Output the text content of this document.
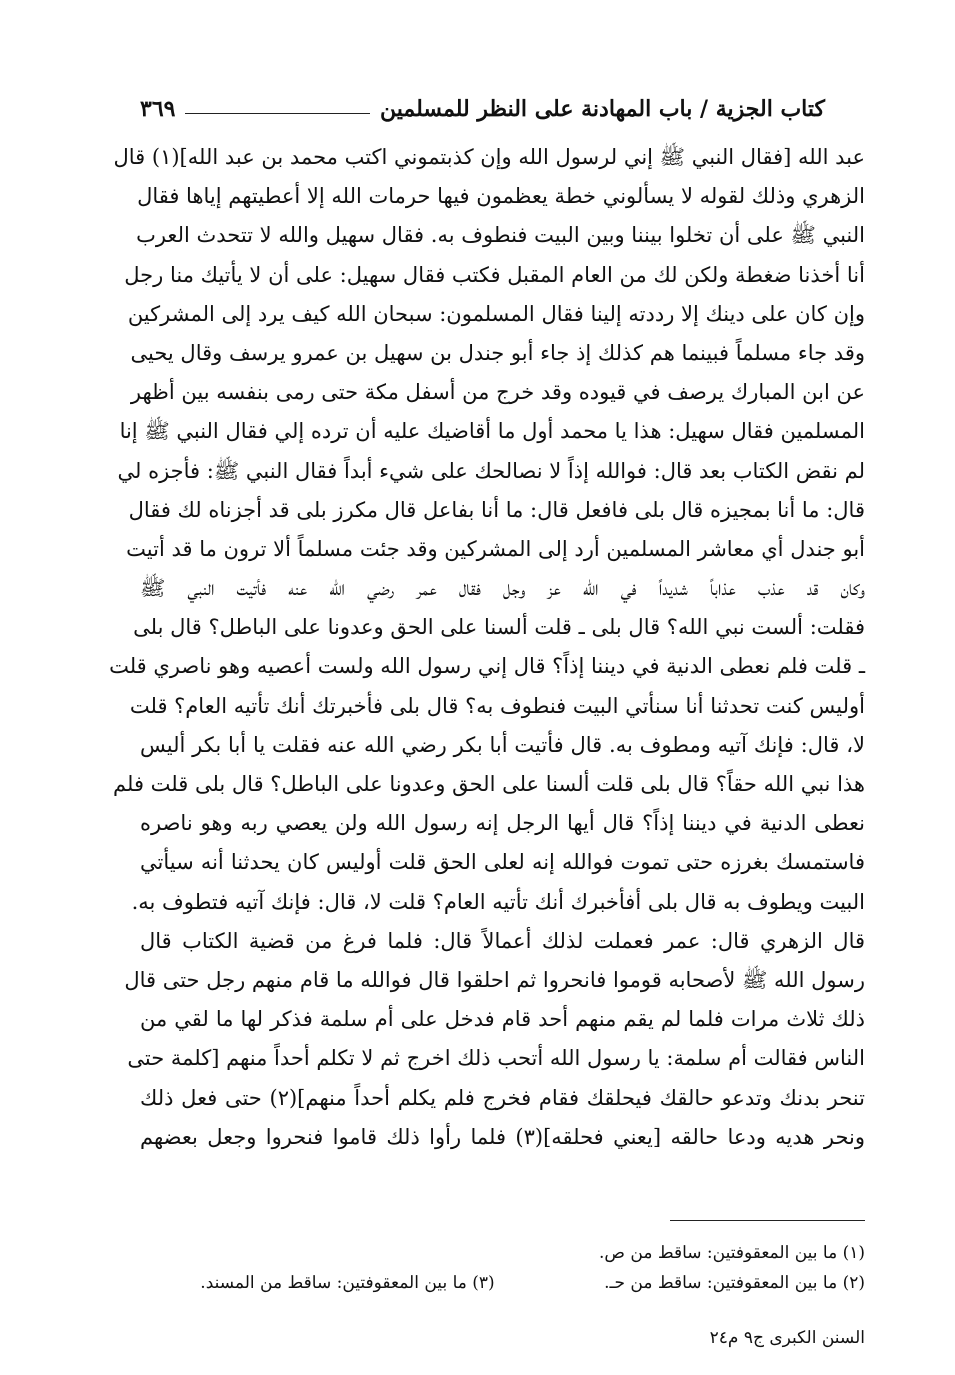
كتاب الجزية / باب المهادنة على النظر للمسلمين
٣٦٩
عبد الله [فقال النبي ﷺ إني لرسول الله وإن كذبتموني اكتب محمد بن عبد الله](١) قال
الزهري وذلك لقوله لا يسألوني خطة يعظمون فيها حرمات الله إلا أعطيتهم إياها فقال
النبي ﷺ على أن تخلوا بيننا وبين البيت فنطوف به. فقال سهيل والله لا تتحدث العرب
أنا أخذنا ضغطة ولكن لك من العام المقبل فكتب فقال سهيل: على أن لا يأتيك منا رجل
وإن كان على دينك إلا رددته إلينا فقال المسلمون: سبحان الله كيف يرد إلى المشركين
وقد جاء مسلماً فبينما هم كذلك إذ جاء أبو جندل بن سهيل بن عمرو يرسف وقال يحيى
عن ابن المبارك يرصف في قيوده وقد خرج من أسفل مكة حتى رمى بنفسه بين أظهر
المسلمين فقال سهيل: هذا يا محمد أول ما أقاضيك عليه أن ترده إلي فقال النبي ﷺ إنا
لم نقض الكتاب بعد قال: فوالله إذاً لا نصالحك على شيء أبداً فقال النبي ﷺ: فأجزه لي
قال: ما أنا بمجيزه قال بلى فافعل قال: ما أنا بفاعل قال مكرز بلى قد أجزناه لك فقال
أبو جندل أي معاشر المسلمين أرد إلى المشركين وقد جئت مسلماً ألا ترون ما قد أتيت
وكان قد عذب عذاباً شديداً في الله عز وجل فقال عمر رضي الله عنه فأتيت النبي ﷺ
فقلت: ألست نبي الله؟ قال بلى ـ قلت ألسنا على الحق وعدونا على الباطل؟ قال بلى
ـ قلت فلم نعطى الدنية في ديننا إذاً؟ قال إني رسول الله ولست أعصيه وهو ناصري قلت
أوليس كنت تحدثنا أنا سنأتي البيت فنطوف به؟ قال بلى فأخبرتك أنك تأتيه العام؟ قلت
لا، قال: فإنك آتيه ومطوف به. قال فأتيت أبا بكر رضي الله عنه فقلت يا أبا بكر أليس
هذا نبي الله حقاً؟ قال بلى قلت ألسنا على الحق وعدونا على الباطل؟ قال بلى قلت فلم
نعطى الدنية في ديننا إذاً؟ قال أيها الرجل إنه رسول الله ولن يعصي ربه وهو ناصره
فاستمسك بغرزه حتى تموت فوالله إنه لعلى الحق قلت أوليس كان يحدثنا أنه سيأتي
البيت ويطوف به قال بلى أفأخبرك أنك تأتيه العام؟ قلت لا، قال: فإنك آتيه فتطوف به.
قال الزهري قال: عمر فعملت لذلك أعمالاً قال: فلما فرغ من قضية الكتاب قال
رسول الله ﷺ لأصحابه قوموا فانحروا ثم احلقوا قال فوالله ما قام منهم رجل حتى قال
ذلك ثلاث مرات فلما لم يقم منهم أحد قام فدخل على أم سلمة فذكر لها ما لقي من
الناس فقالت أم سلمة: يا رسول الله أتحب ذلك اخرج ثم لا تكلم أحداً منهم [كلمة حتى
تنحر بدنك وتدعو حالقك فيحلقك فقام فخرج فلم يكلم أحداً منهم](٢) حتى فعل ذلك
ونحر هديه ودعا حالقه [يعني فحلقه](٣) فلما رأوا ذلك قاموا فنحروا وجعل بعضهم
(١) ما بين المعقوفتين: ساقط من ص.
(٢) ما بين المعقوفتين: ساقط من حـ.
(٣) ما بين المعقوفتين: ساقط من المسند.
السنن الكبرى ج٩ م٢٤
